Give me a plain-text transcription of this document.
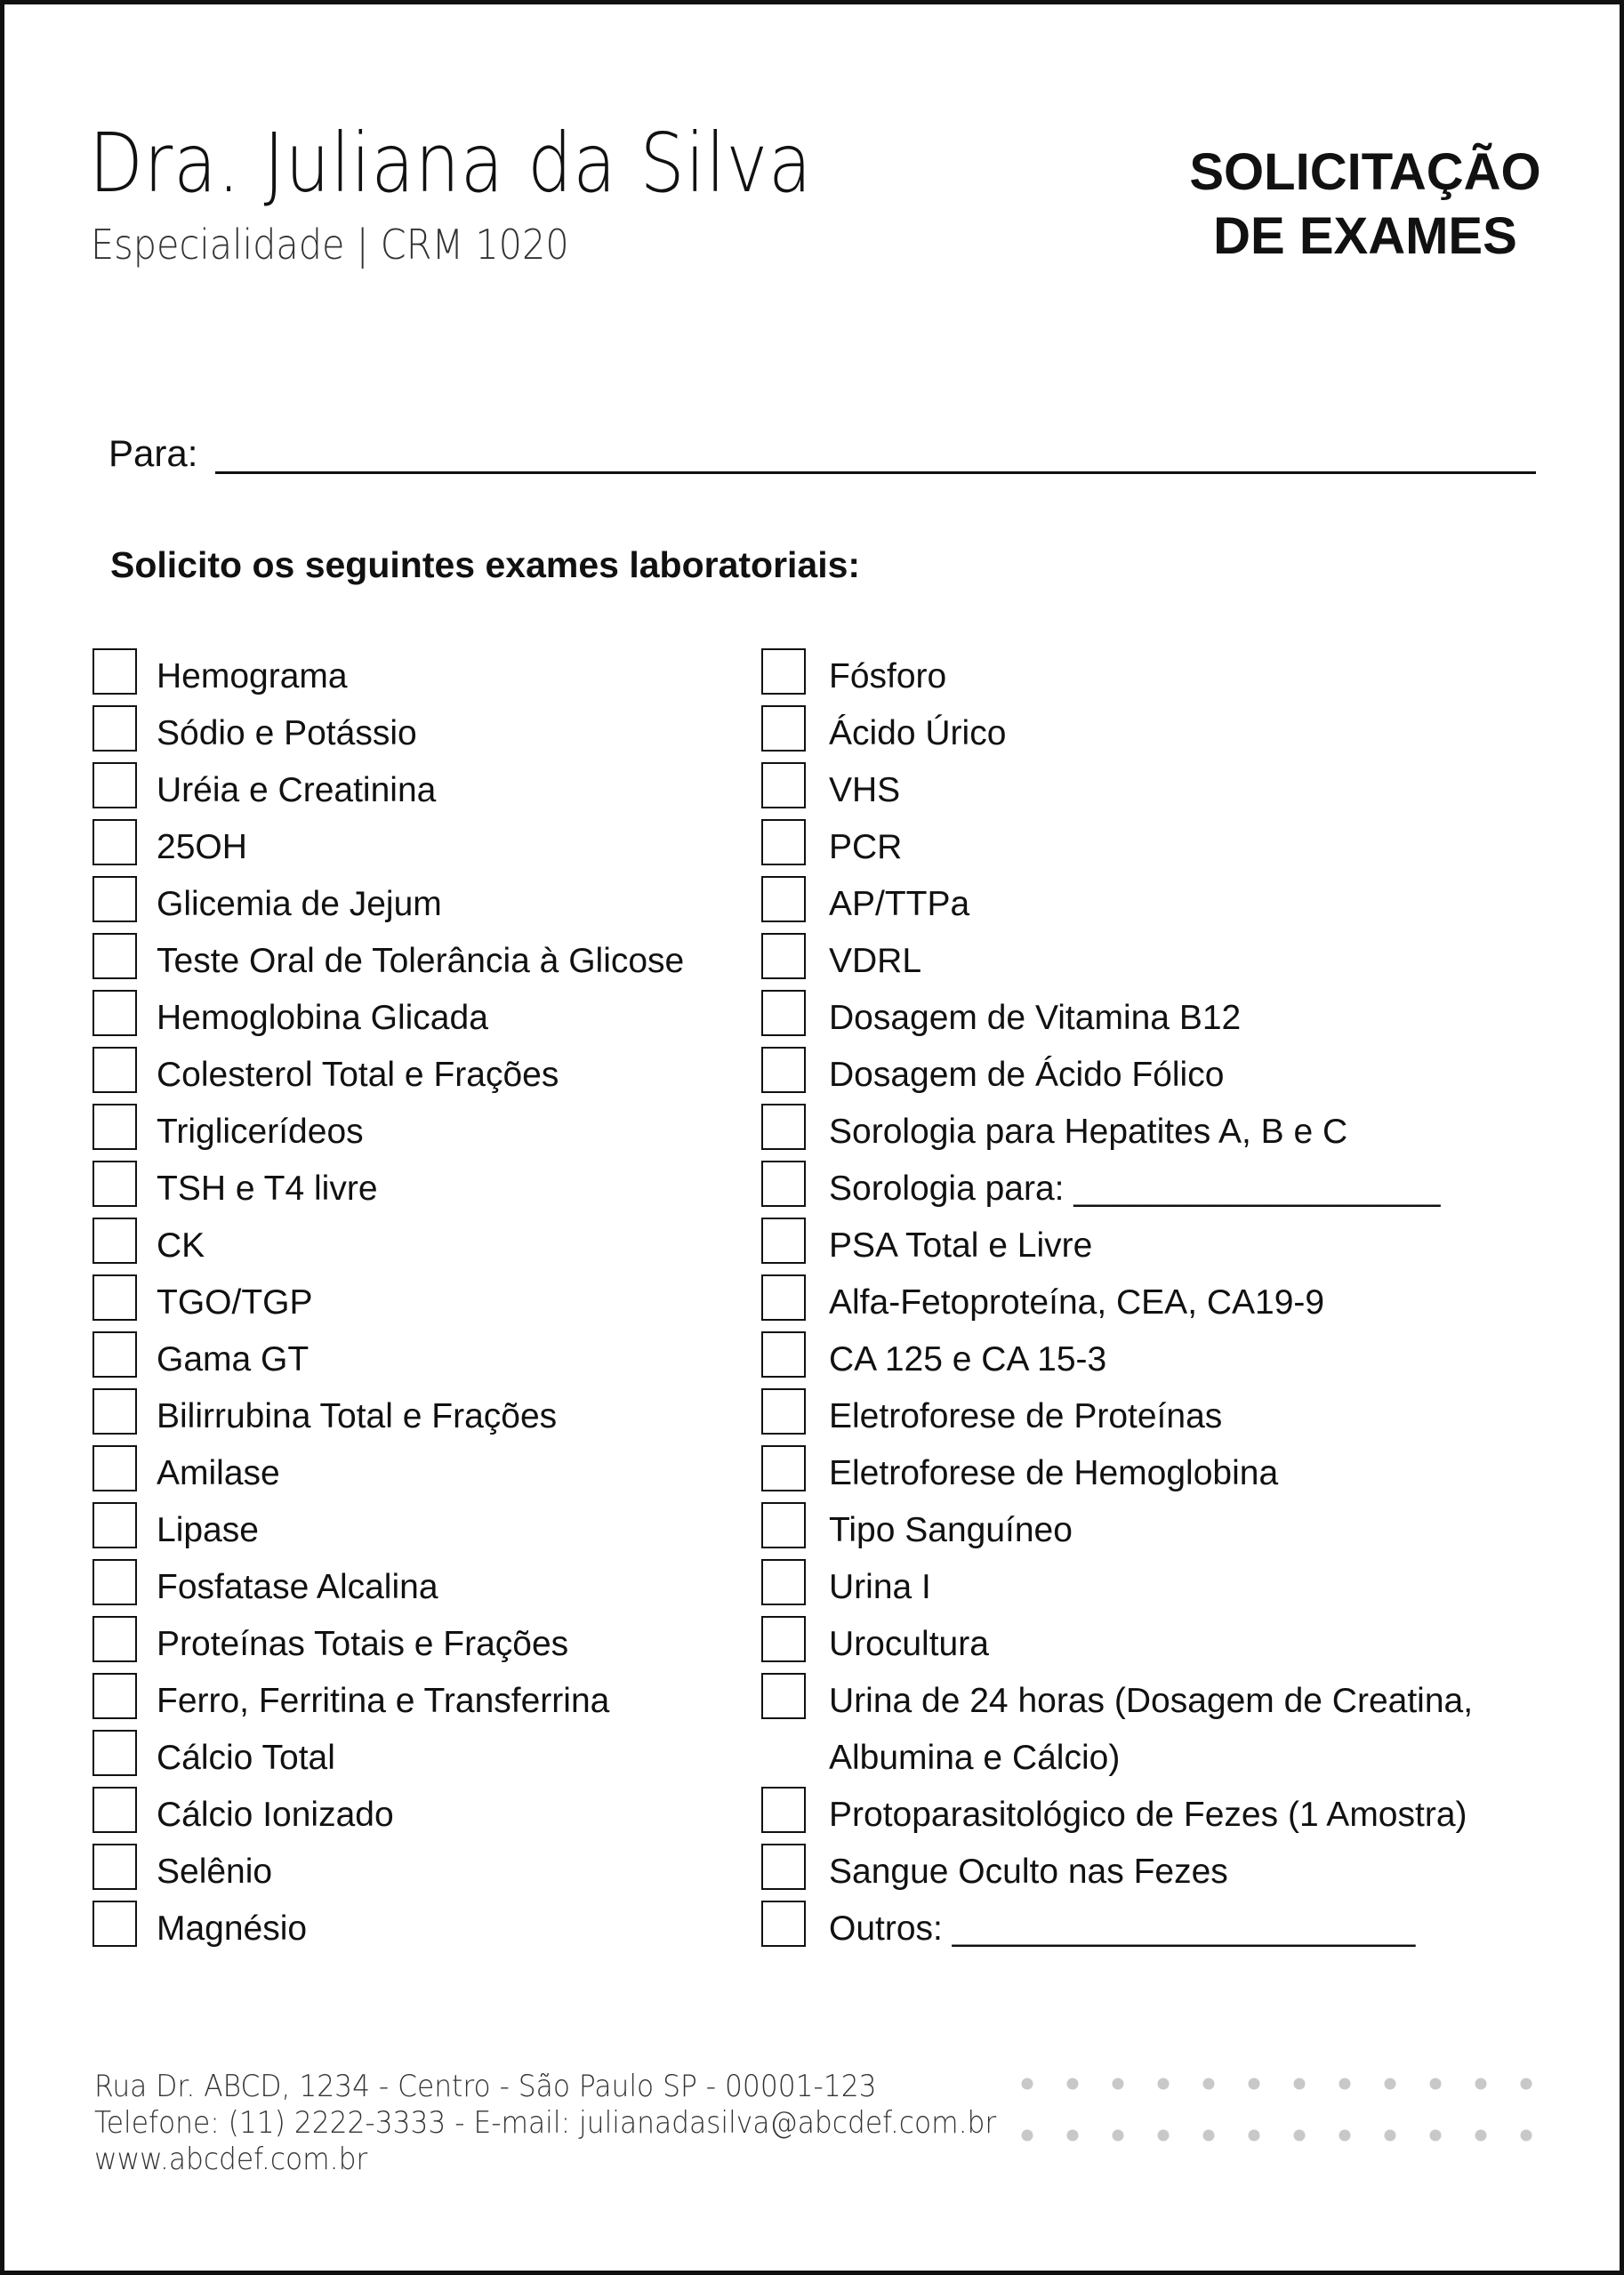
Dra. Juliana da Silva
Especialidade | CRM 1020
SOLICITAÇÃO
DE EXAMES
Para:
Solicito os seguintes exames laboratoriais:
Hemograma
Sódio e Potássio
Uréia e Creatinina
25OH
Glicemia de Jejum
Teste Oral de Tolerância à Glicose
Hemoglobina Glicada
Colesterol Total e Frações
Triglicerídeos
TSH e T4 livre
CK
TGO/TGP
Gama GT
Bilirrubina Total e Frações
Amilase
Lipase
Fosfatase Alcalina
Proteínas Totais e Frações
Ferro, Ferritina e Transferrina
Cálcio Total
Cálcio Ionizado
Selênio
Magnésio
Fósforo
Ácido Úrico
VHS
PCR
AP/TTPa
VDRL
Dosagem de Vitamina B12
Dosagem de Ácido Fólico
Sorologia para Hepatites A, B e C
Sorologia para: ___________________
PSA Total e Livre
Alfa-Fetoproteína, CEA, CA19-9
CA 125 e CA 15-3
Eletroforese de Proteínas
Eletroforese de Hemoglobina
Tipo Sanguíneo
Urina I
Urocultura
Urina de 24 horas (Dosagem de Creatina,
Albumina e Cálcio)
Protoparasitológico de Fezes (1 Amostra)
Sangue Oculto nas Fezes
Outros: ________________________
Rua Dr. ABCD, 1234 - Centro - São Paulo SP - 00001-123
Telefone: (11) 2222-3333 - E-mail: julianadasilva@abcdef.com.br
www.abcdef.com.br
